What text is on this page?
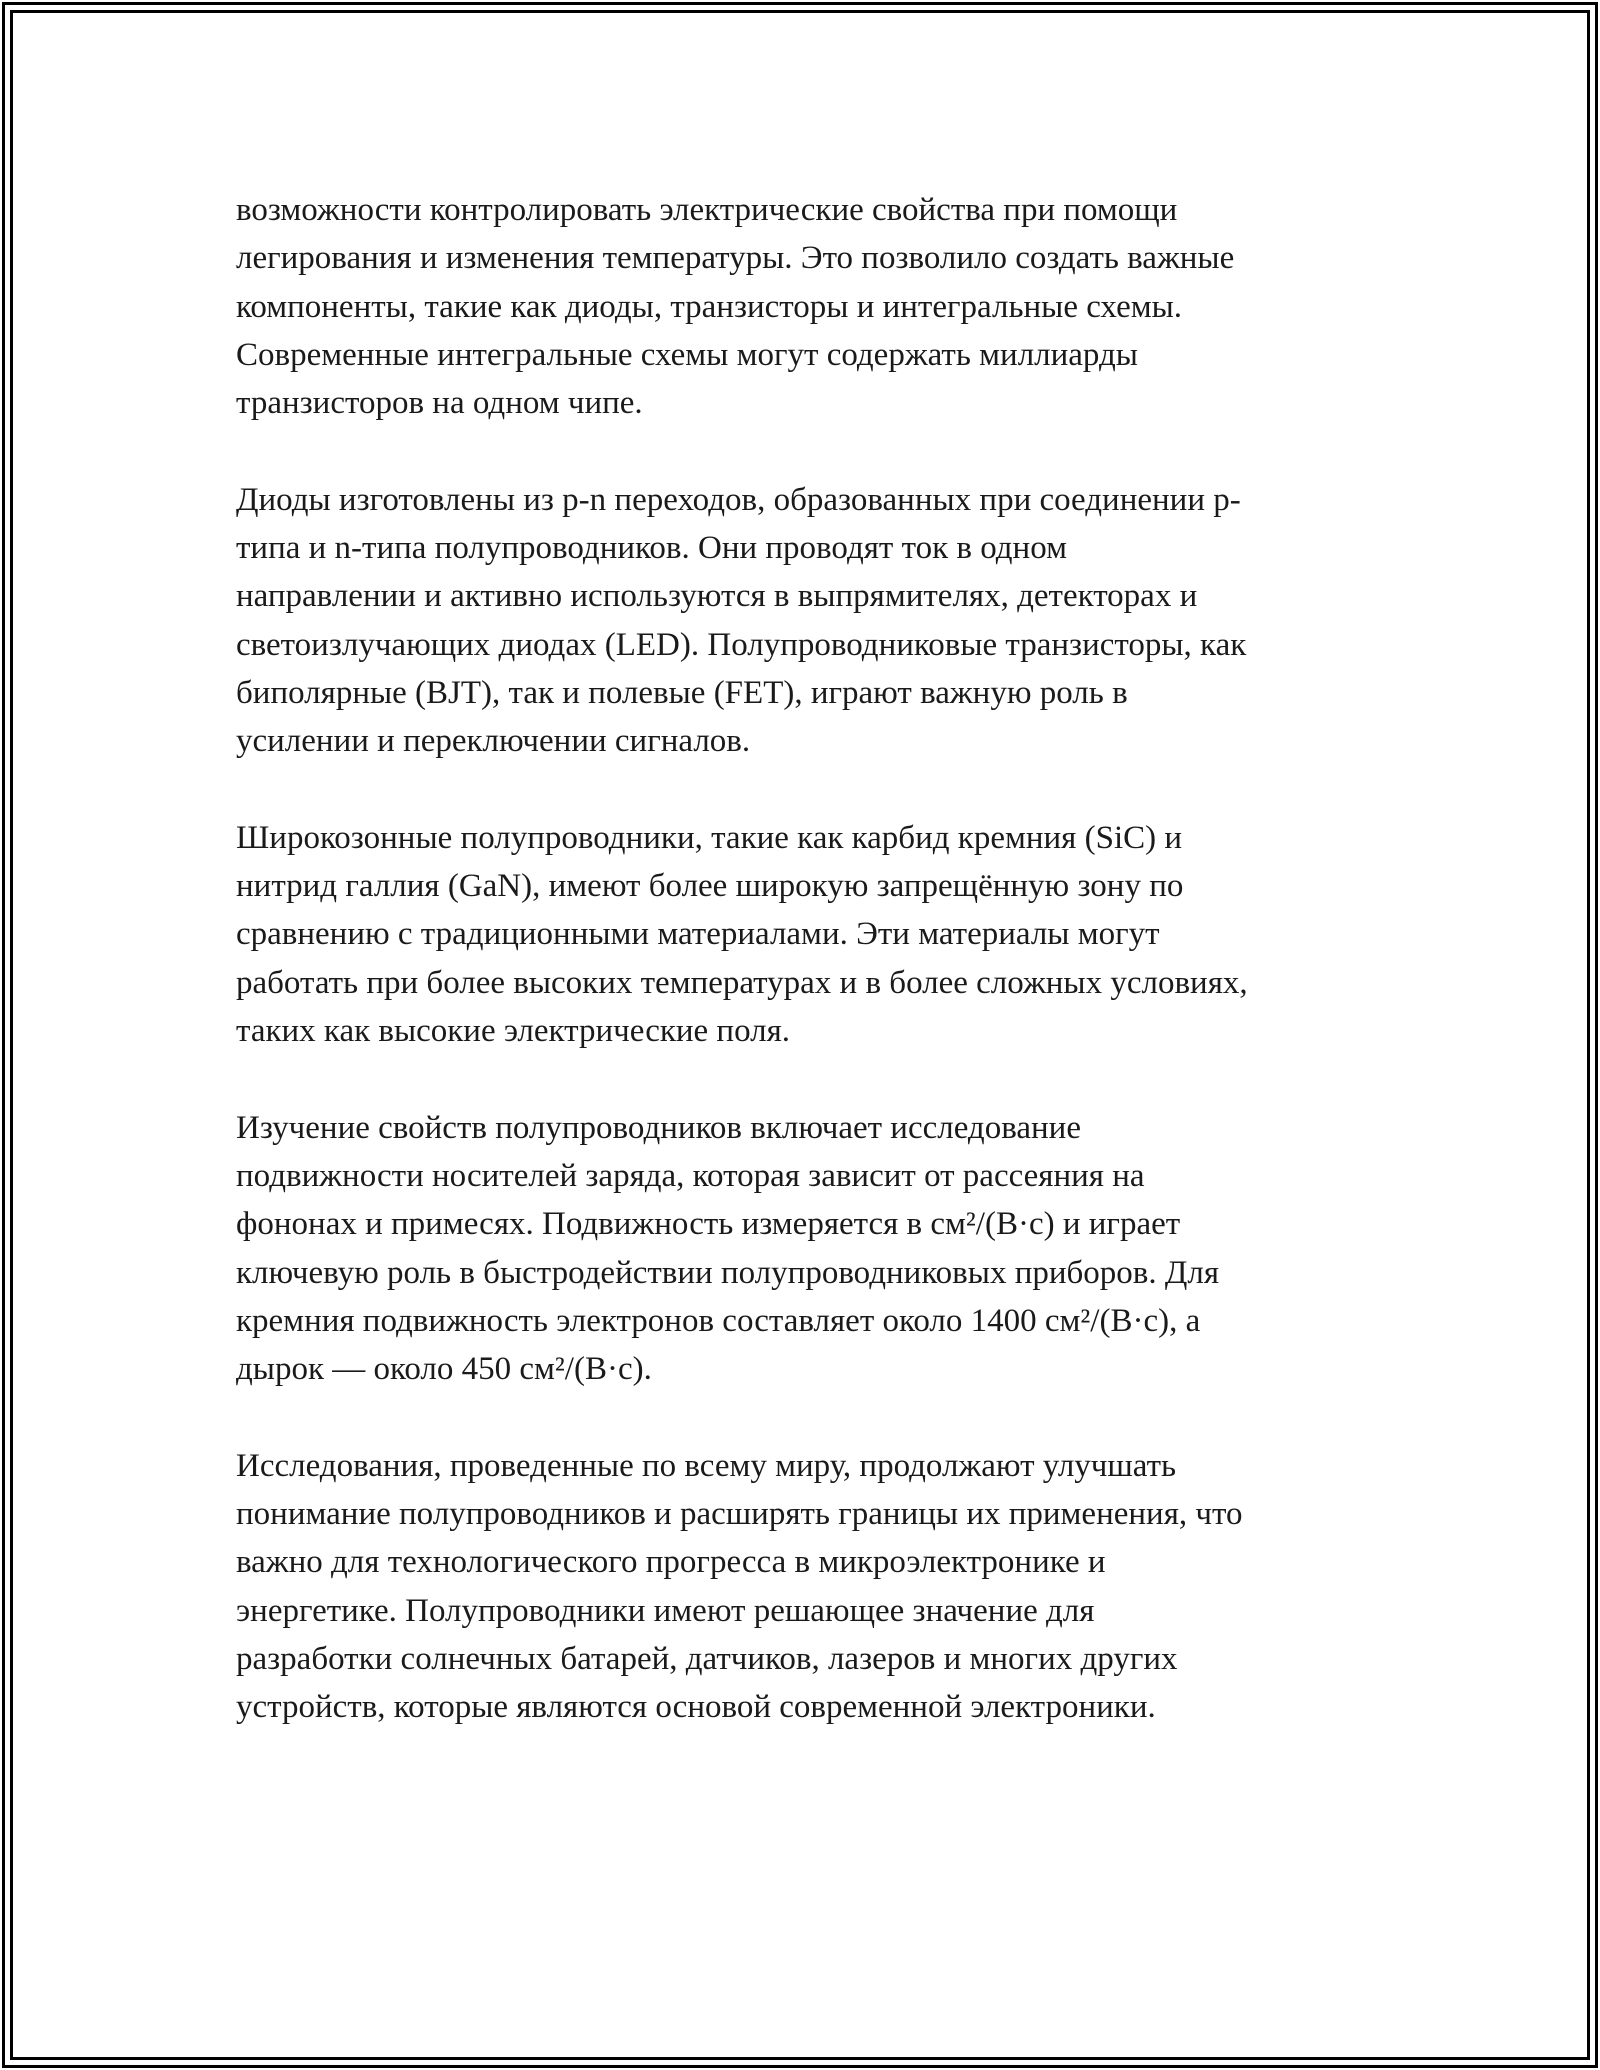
возможности контролировать электрические свойства при помощи
легирования и изменения температуры. Это позволило создать важные
компоненты, такие как диоды, транзисторы и интегральные схемы.
Современные интегральные схемы могут содержать миллиарды
транзисторов на одном чипе.

Диоды изготовлены из p-n переходов, образованных при соединении p-
типа и n-типа полупроводников. Они проводят ток в одном
направлении и активно используются в выпрямителях, детекторах и
светоизлучающих диодах (LED). Полупроводниковые транзисторы, как
биполярные (BJT), так и полевые (FET), играют важную роль в
усилении и переключении сигналов.

Широкозонные полупроводники, такие как карбид кремния (SiC) и
нитрид галлия (GaN), имеют более широкую запрещённую зону по
сравнению с традиционными материалами. Эти материалы могут
работать при более высоких температурах и в более сложных условиях,
таких как высокие электрические поля.

Изучение свойств полупроводников включает исследование
подвижности носителей заряда, которая зависит от рассеяния на
фононах и примесях. Подвижность измеряется в см²/(В·с) и играет
ключевую роль в быстродействии полупроводниковых приборов. Для
кремния подвижность электронов составляет около 1400 см²/(В·с), а
дырок — около 450 см²/(В·с).

Исследования, проведенные по всему миру, продолжают улучшать
понимание полупроводников и расширять границы их применения, что
важно для технологического прогресса в микроэлектронике и
энергетике. Полупроводники имеют решающее значение для
разработки солнечных батарей, датчиков, лазеров и многих других
устройств, которые являются основой современной электроники.
